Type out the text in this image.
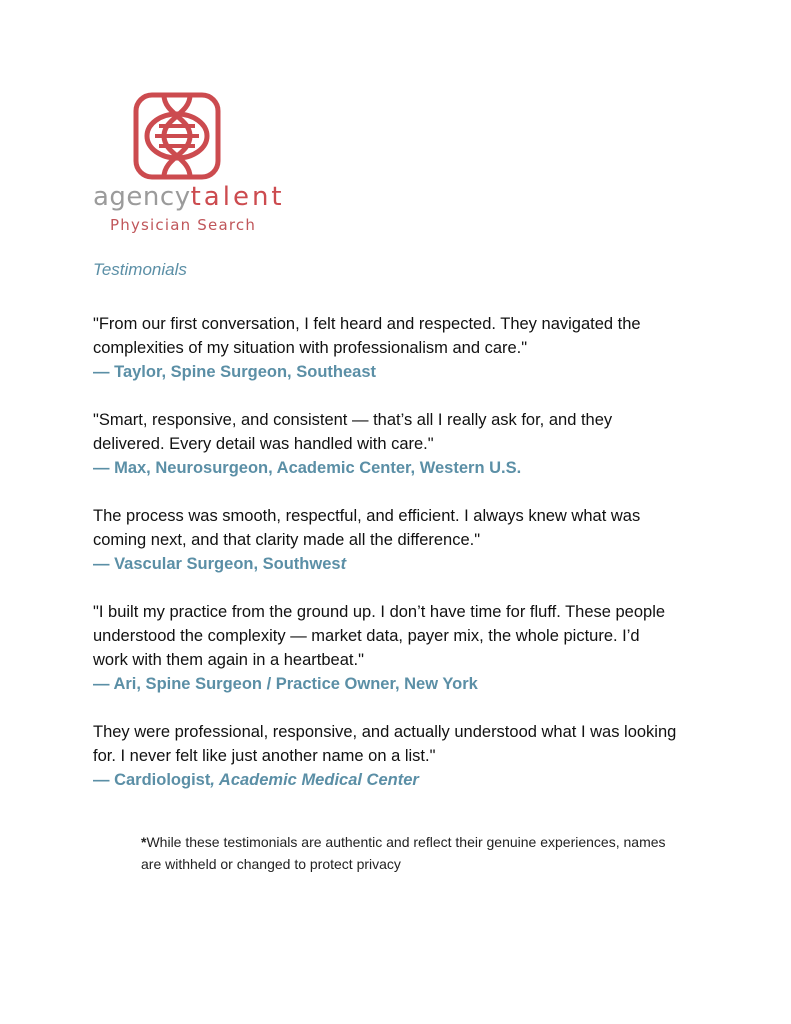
agencytalent
Physician Search
Testimonials
"From our first conversation, I felt heard and respected. They navigated the
complexities of my situation with professionalism and care."
— Taylor, Spine Surgeon, Southeast
"Smart, responsive, and consistent — that’s all I really ask for, and they
delivered. Every detail was handled with care."
— Max, Neurosurgeon, Academic Center, Western U.S.
The process was smooth, respectful, and efficient. I always knew what was
coming next, and that clarity made all the difference."
— Vascular Surgeon, Southwest
"I built my practice from the ground up. I don’t have time for fluff. These people
understood the complexity — market data, payer mix, the whole picture. I’d
work with them again in a heartbeat."
— Ari, Spine Surgeon / Practice Owner, New York
They were professional, responsive, and actually understood what I was looking
for. I never felt like just another name on a list."
— Cardiologist, Academic Medical Center
*While these testimonials are authentic and reflect their genuine experiences, names
are withheld or changed to protect privacy
